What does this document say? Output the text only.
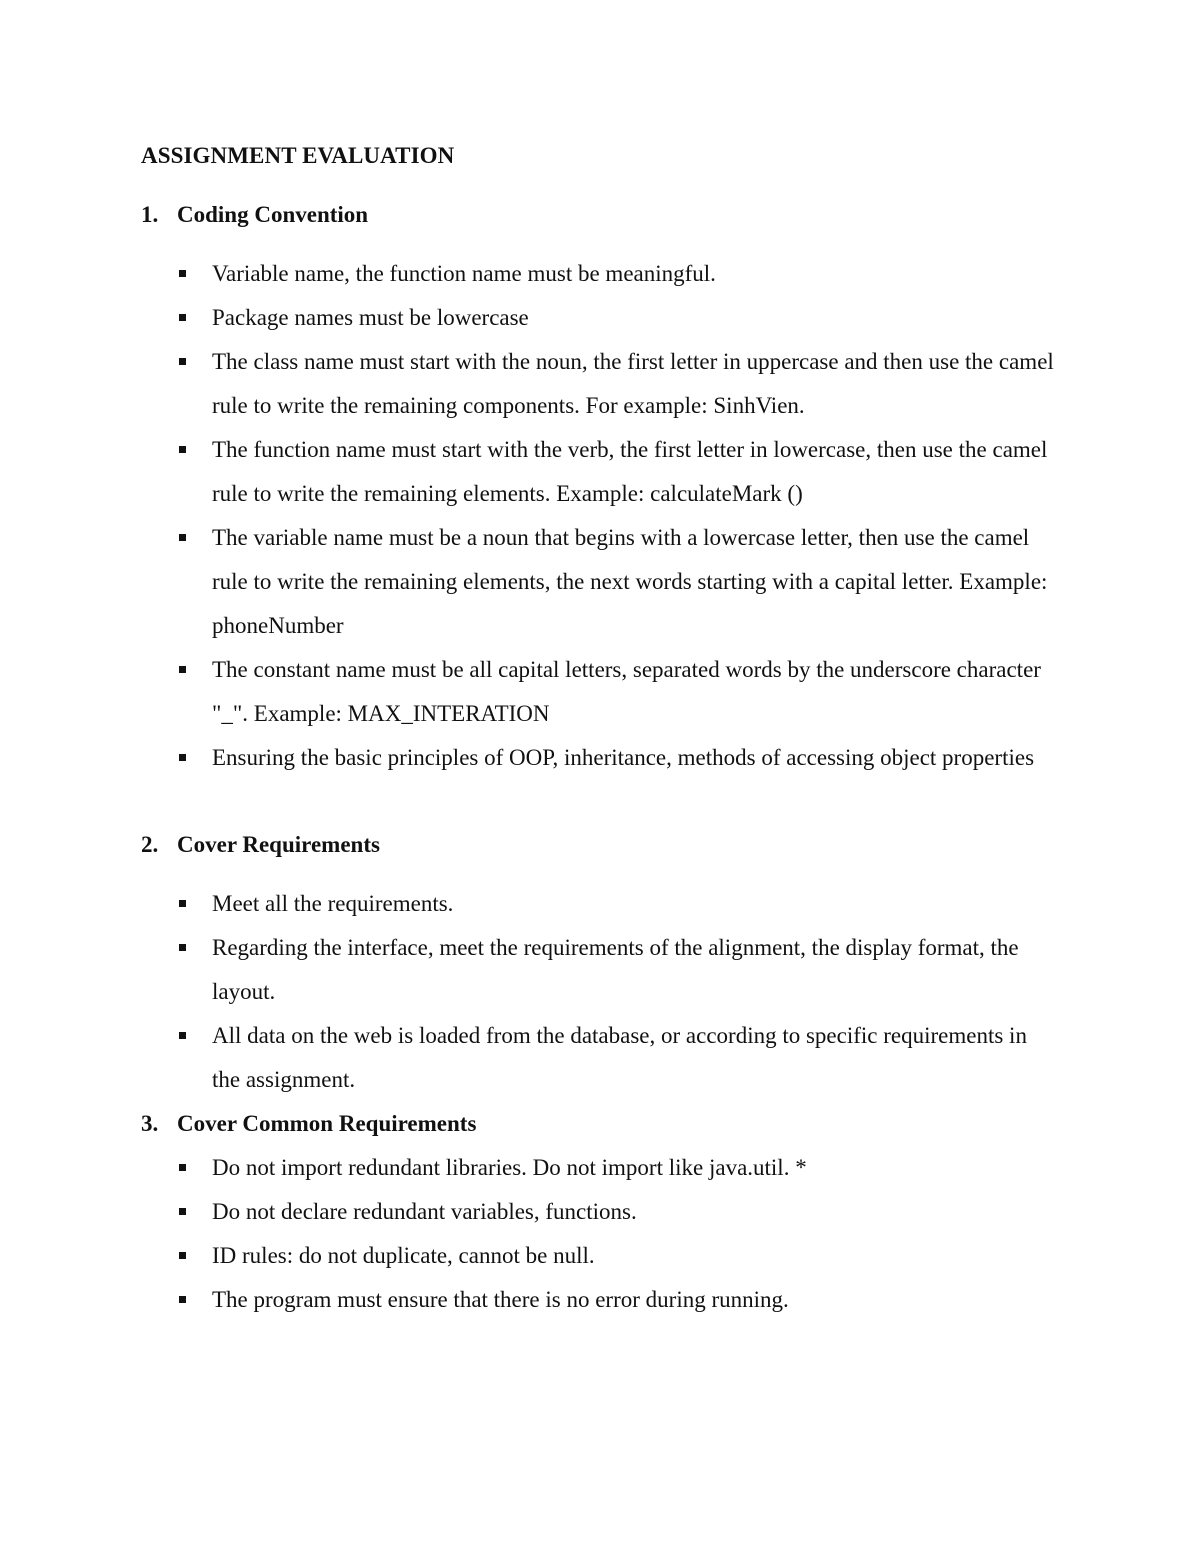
ASSIGNMENT EVALUATION
1. Coding Convention
Variable name, the function name must be meaningful.
Package names must be lowercase
The class name must start with the noun, the first letter in uppercase and then use the camel rule to write the remaining components. For example: SinhVien.
The function name must start with the verb, the first letter in lowercase, then use the camel rule to write the remaining elements. Example: calculateMark ()
The variable name must be a noun that begins with a lowercase letter, then use the camel rule to write the remaining elements, the next words starting with a capital letter. Example: phoneNumber
The constant name must be all capital letters, separated words by the underscore character "_". Example: MAX_INTERATION
Ensuring the basic principles of OOP, inheritance, methods of accessing object properties
2. Cover Requirements
Meet all the requirements.
Regarding the interface, meet the requirements of the alignment, the display format, the layout.
All data on the web is loaded from the database, or according to specific requirements in the assignment.
3. Cover Common Requirements
Do not import redundant libraries. Do not import like java.util. *
Do not declare redundant variables, functions.
ID rules: do not duplicate, cannot be null.
The program must ensure that there is no error during running.
